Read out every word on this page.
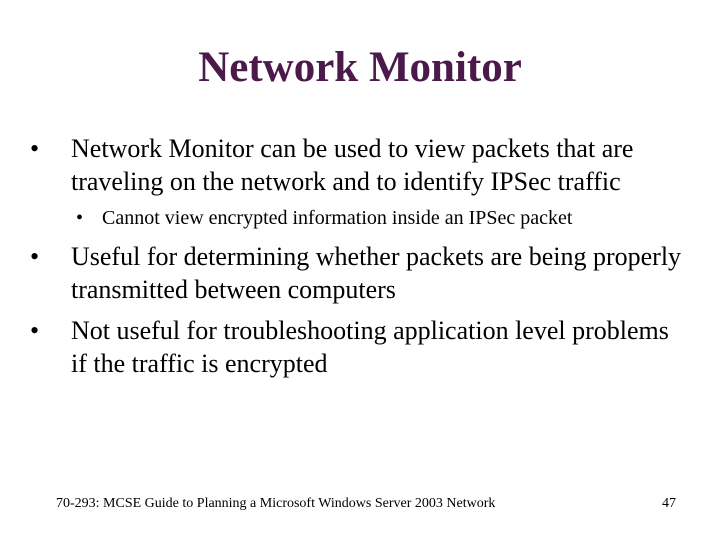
Network Monitor
•	Network Monitor can be used to view packets that are traveling on the network and to identify IPSec traffic
• Cannot view encrypted information inside an IPSec packet
•	Useful for determining whether packets are being properly transmitted between computers
•	Not useful for troubleshooting application level problems if the traffic is encrypted
70-293: MCSE Guide to Planning a Microsoft Windows Server 2003 Network	47
